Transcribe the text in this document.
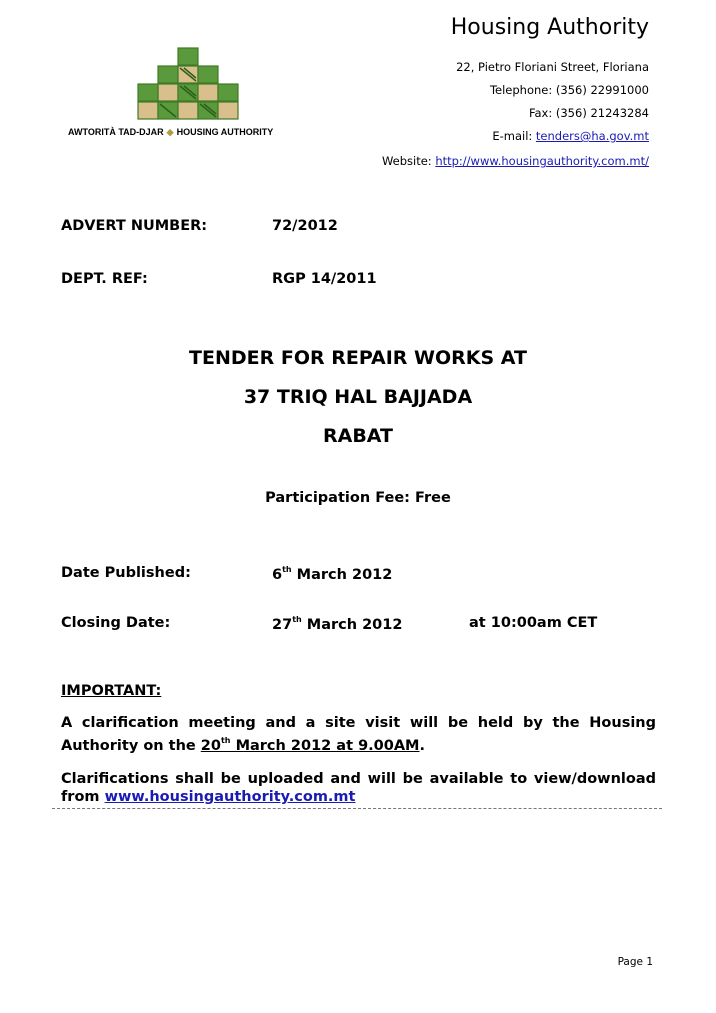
Housing Authority
22, Pietro Floriani Street, Floriana
Telephone: (356) 22991000
Fax: (356) 21243284
E-mail: tenders@ha.gov.mt
Website: http://www.housingauthority.com.mt/
AWTORITÀ TAD-DJAR ◆ HOUSING AUTHORITY
ADVERT NUMBER:	72/2012
DEPT. REF:	RGP 14/2011
TENDER FOR REPAIR WORKS AT
37 TRIQ HAL BAJJADA
RABAT
Participation Fee: Free
Date Published:	6th March 2012
Closing Date:	27th March 2012	at 10:00am CET
IMPORTANT:
A clarification meeting and a site visit will be held by the Housing Authority on the 20th March 2012 at 9.00AM.
Clarifications shall be uploaded and will be available to view/download from www.housingauthority.com.mt
Page 1
